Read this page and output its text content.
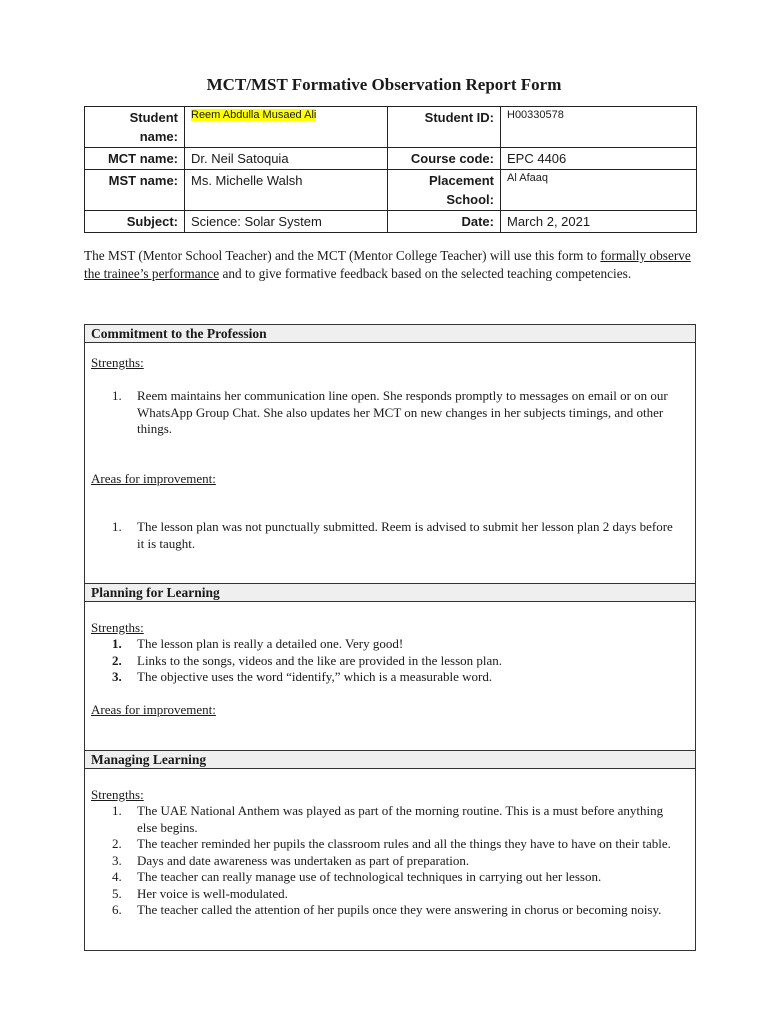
MCT/MST Formative Observation Report Form
Student name:	Reem Abdulla Musaed Ali	Student ID:	H00330578
MCT name:	Dr. Neil Satoquia	Course code:	EPC 4406
MST name:	Ms. Michelle Walsh	Placement School:	Al Afaaq
Subject:	Science: Solar System	Date:	March 2, 2021
The MST (Mentor School Teacher) and the MCT (Mentor College Teacher) will use this form to formally observe the trainee’s performance and to give formative feedback based on the selected teaching competencies.
Commitment to the Profession
Strengths:
1. Reem maintains her communication line open. She responds promptly to messages on email or on our WhatsApp Group Chat. She also updates her MCT on new changes in her subjects timings, and other things.
Areas for improvement:
1. The lesson plan was not punctually submitted. Reem is advised to submit her lesson plan 2 days before it is taught.
Planning for Learning
Strengths:
1. The lesson plan is really a detailed one. Very good!
2. Links to the songs, videos and the like are provided in the lesson plan.
3. The objective uses the word “identify,” which is a measurable word.
Areas for improvement:
Managing Learning
Strengths:
1. The UAE National Anthem was played as part of the morning routine. This is a must before anything else begins.
2. The teacher reminded her pupils the classroom rules and all the things they have to have on their table.
3. Days and date awareness was undertaken as part of preparation.
4. The teacher can really manage use of technological techniques in carrying out her lesson.
5. Her voice is well-modulated.
6. The teacher called the attention of her pupils once they were answering in chorus or becoming noisy.
